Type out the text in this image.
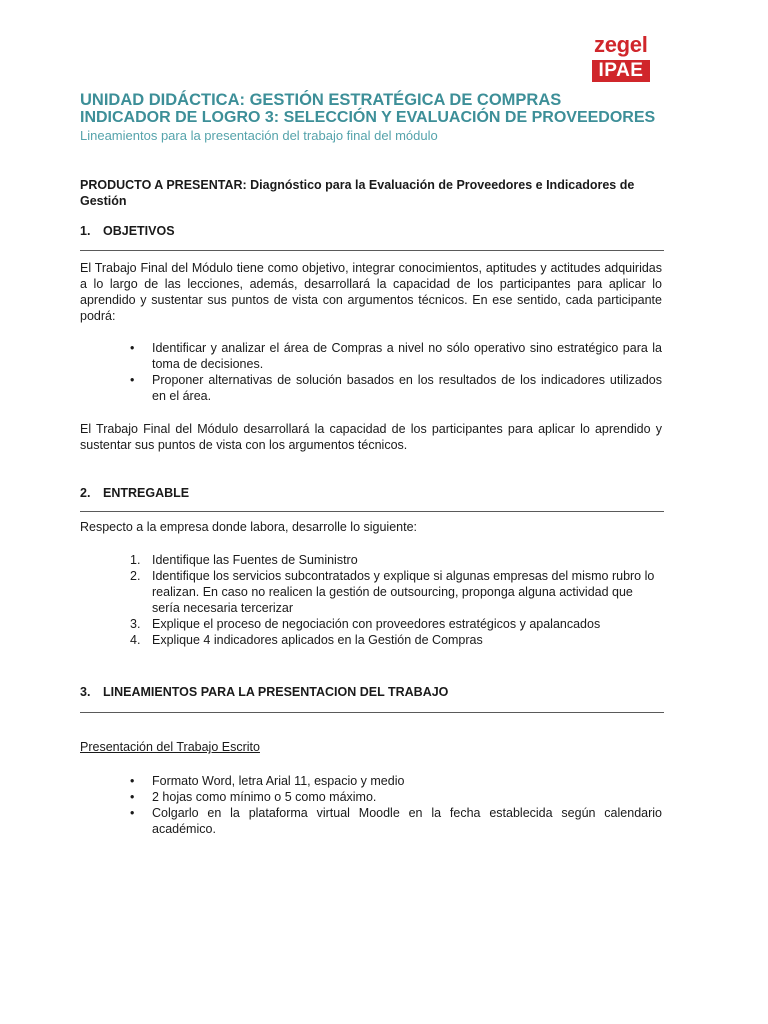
zegel
IPAE
UNIDAD DIDÁCTICA: GESTIÓN ESTRATÉGICA DE COMPRAS
INDICADOR DE LOGRO 3: SELECCIÓN Y EVALUACIÓN DE PROVEEDORES
Lineamientos para la presentación del trabajo final del módulo
PRODUCTO A PRESENTAR: Diagnóstico para la Evaluación de Proveedores e Indicadores de Gestión
1. OBJETIVOS
El Trabajo Final del Módulo tiene como objetivo, integrar conocimientos, aptitudes y actitudes adquiridas a lo largo de las lecciones, además, desarrollará la capacidad de los participantes para aplicar lo aprendido y sustentar sus puntos de vista con argumentos técnicos. En ese sentido, cada participante podrá:
• Identificar y analizar el área de Compras a nivel no sólo operativo sino estratégico para la toma de decisiones.
• Proponer alternativas de solución basados en los resultados de los indicadores utilizados en el área.
El Trabajo Final del Módulo desarrollará la capacidad de los participantes para aplicar lo aprendido y sustentar sus puntos de vista con los argumentos técnicos.
2. ENTREGABLE
Respecto a la empresa donde labora, desarrolle lo siguiente:
1. Identifique las Fuentes de Suministro
2. Identifique los servicios subcontratados y explique si algunas empresas del mismo rubro lo realizan. En caso no realicen la gestión de outsourcing, proponga alguna actividad que sería necesaria tercerizar
3. Explique el proceso de negociación con proveedores estratégicos y apalancados
4. Explique 4 indicadores aplicados en la Gestión de Compras
3. LINEAMIENTOS PARA LA PRESENTACION DEL TRABAJO
Presentación del Trabajo Escrito
• Formato Word, letra Arial 11, espacio y medio
• 2 hojas como mínimo o 5 como máximo.
• Colgarlo en la plataforma virtual Moodle en la fecha establecida según calendario académico.
